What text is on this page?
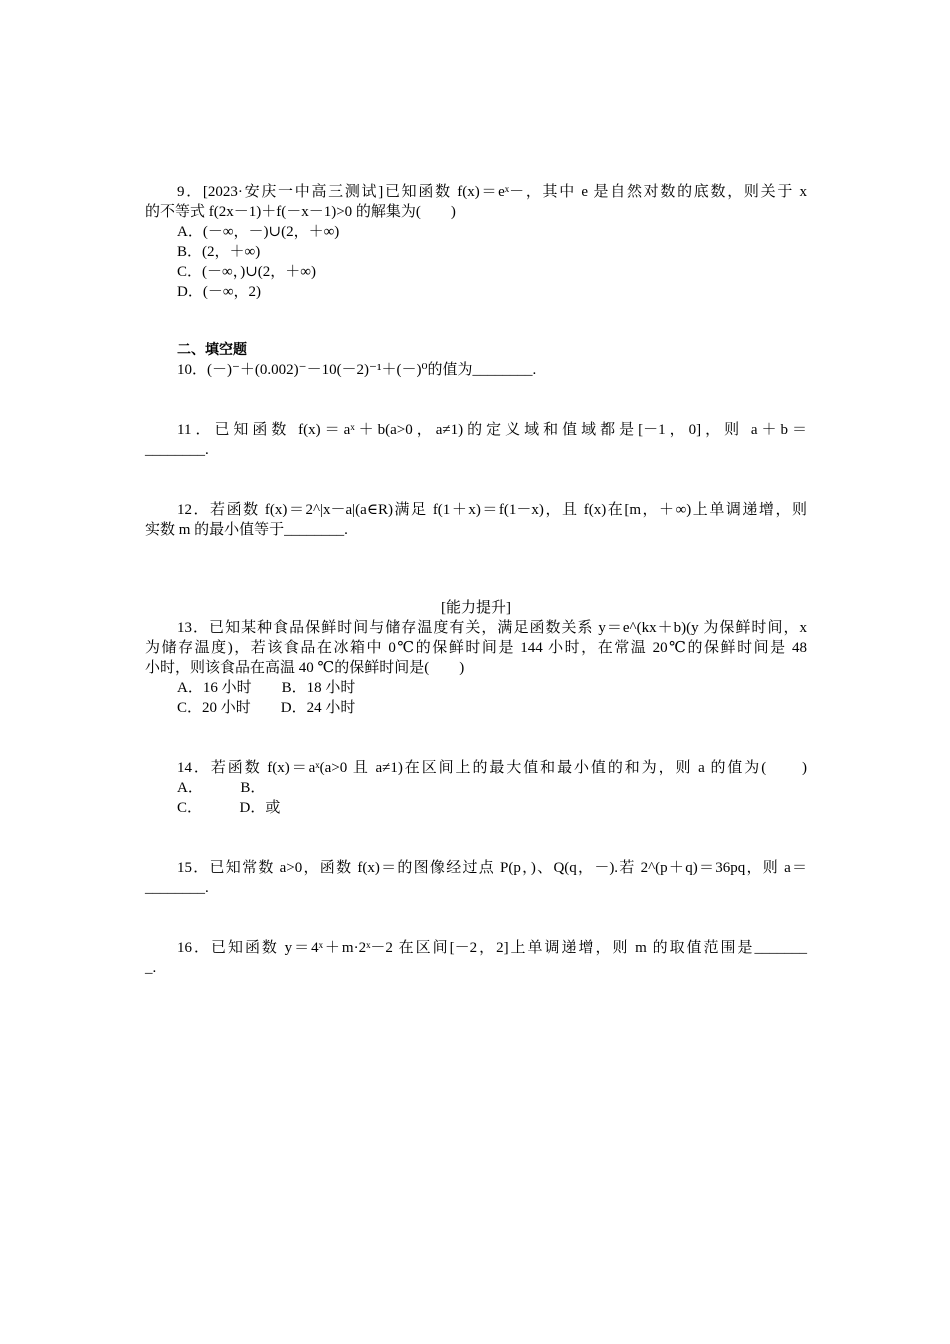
9．[2023·安庆一中高三测试]已知函数 f(x)＝eˣ－，其中 e 是自然对数的底数，则关于 x
的不等式 f(2x－1)＋f(－x－1)>0 的解集为(　　)
A．(－∞，－)∪(2，＋∞)
B．(2，＋∞)
C．(－∞，)∪(2，＋∞)
D．(－∞，2)
二、填空题
10．(－)⁻＋(0.002)⁻－10(－2)⁻¹＋(－)⁰的值为________.
11．已知函数 f(x)＝aˣ＋b(a>0，a≠1)的定义域和值域都是[－1，0]，则 a＋b＝
________.
12．若函数 f(x)＝2^|x－a|(a∈R)满足 f(1＋x)＝f(1－x)，且 f(x)在[m，＋∞)上单调递增，则
实数 m 的最小值等于________.
[能力提升]
13．已知某种食品保鲜时间与储存温度有关，满足函数关系 y＝e^(kx＋b)(y 为保鲜时间，x
为储存温度)，若该食品在冰箱中 0℃的保鲜时间是 144 小时，在常温 20℃的保鲜时间是 48
小时，则该食品在高温 40 ℃的保鲜时间是(　　)
A．16 小时　　B．18 小时
C．20 小时　　D．24 小时
14．若函数 f(x)＝aˣ(a>0 且 a≠1)在区间上的最大值和最小值的和为，则 a 的值为(　　)
A．　　　B．
C．　　　D．或
15．已知常数 a>0，函数 f(x)＝的图像经过点 P(p，)、Q(q，－).若 2^(p＋q)＝36pq，则 a＝
________.
16．已知函数 y＝4ˣ＋m·2ˣ－2 在区间[－2，2]上单调递增，则 m 的取值范围是_______
_.
